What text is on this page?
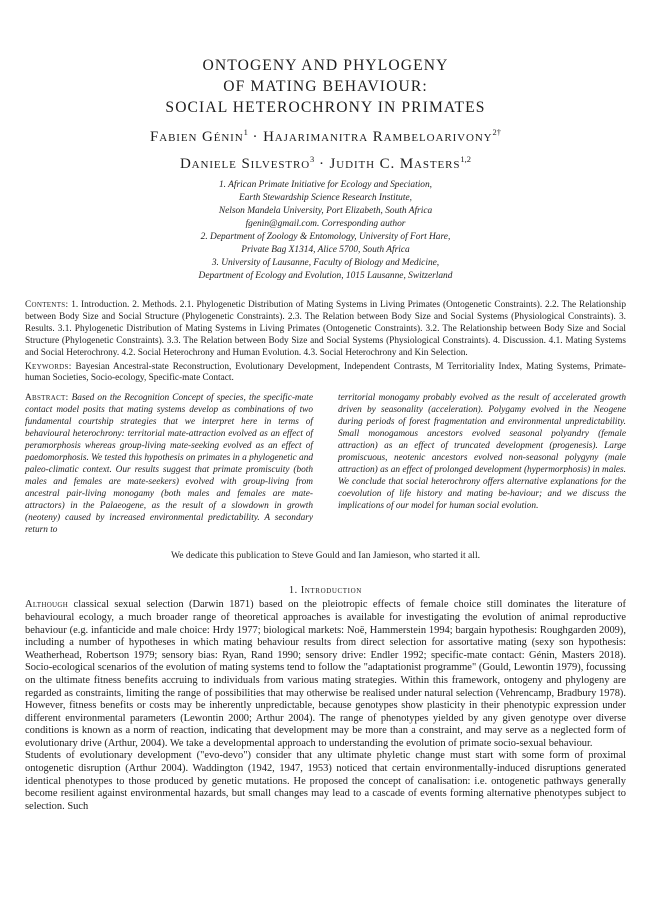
ONTOGENY AND PHYLOGENY
OF MATING BEHAVIOUR:
SOCIAL HETEROCHRONY IN PRIMATES
Fabien Génin$^1$ · Hajarimanitra Rambeloarivony$^{2\dagger}$
Daniele Silvestro$^3$ · Judith C. Masters$^{1,2}$
1. African Primate Initiative for Ecology and Speciation,
Earth Stewardship Science Research Institute,
Nelson Mandela University, Port Elizabeth, South Africa
fgenin@gmail.com. Corresponding author
2. Department of Zoology & Entomology, University of Fort Hare,
Private Bag X1314, Alice 5700, South Africa
3. University of Lausanne, Faculty of Biology and Medicine,
Department of Ecology and Evolution, 1015 Lausanne, Switzerland
Contents: 1. Introduction. 2. Methods. 2.1. Phylogenetic Distribution of Mating Systems in Living Primates (Ontogenetic Constraints). 2.2. The Relationship between Body Size and Social Structure (Phylogenetic Constraints). 2.3. The Relation between Body Size and Social Systems (Physiological Constraints). 3. Results. 3.1. Phylogenetic Distribution of Mating Systems in Living Primates (Ontogenetic Constraints). 3.2. The Relationship between Body Size and Social Structure (Phylogenetic Constraints). 3.3. The Relation between Body Size and Social Systems (Physiological Constraints). 4. Discussion. 4.1. Mating Systems and Social Heterochrony. 4.2. Social Heterochrony and Human Evolution. 4.3. Social Heterochrony and Kin Selection.
Keywords: Bayesian Ancestral-state Reconstruction, Evolutionary Development, Independent Contrasts, M Territoriality Index, Mating Systems, Primate-human Societies, Socio-ecology, Specific-mate Contact.
Abstract: Based on the Recognition Concept of species, the specific-mate contact model posits that mating systems develop as combinations of two fundamental courtship strategies that we interpret here in terms of behavioural heterochrony: territorial mate-attraction evolved as an effect of peramorphosis whereas group-living mate-seeking evolved as an effect of paedomorphosis. We tested this hypothesis on primates in a phylogenetic and paleo-climatic context. Our results suggest that primate promiscuity (both males and females are mate-seekers) evolved with group-living from ancestral pair-living monogamy (both males and females are mate-attractors) in the Palaeogene, as the result of a slowdown in growth (neoteny) caused by increased environmental predictability. A secondary return to
territorial monogamy probably evolved as the result of accelerated growth driven by seasonality (acceleration). Polygamy evolved in the Neogene during periods of forest fragmentation and environmental unpredictability. Small monogamous ancestors evolved seasonal polyandry (female attraction) as an effect of truncated development (progenesis). Large promiscuous, neotenic ancestors evolved non-seasonal polygyny (male attraction) as an effect of prolonged development (hypermorphosis) in males. We conclude that social heterochrony offers alternative explanations for the coevolution of life history and mating be-haviour; and we discuss the implications of our model for human social evolution.
We dedicate this publication to Steve Gould and Ian Jamieson, who started it all.
1. Introduction

Although classical sexual selection (Darwin 1871) based on the pleiotropic effects of female choice still dominates the literature of behavioural ecology, a much broader range of theoretical approaches is available for investigating the evolution of animal reproductive behaviour (e.g. infanticide and male choice: Hrdy 1977; biological markets: Noë, Hammerstein 1994; bargain hypothesis: Roughgarden 2009), including a number of hypotheses in which mating behaviour results from direct selection for assortative mating (sexy son hypothesis: Weatherhead, Robertson 1979; sensory bias: Ryan, Rand 1990; sensory drive: Endler 1992; specific-mate contact: Génin, Masters 2018). Socio-ecological scenarios of the evolution of mating systems tend to follow the "adaptationist programme" (Gould, Lewontin 1979), focussing on the ultimate fitness benefits accruing to individuals from various mating strategies. Within this framework, ontogeny and phylogeny are regarded as constraints, limiting the range of possibilities that may otherwise be realised under natural selection (Vehrencamp, Bradbury 1978). However, fitness benefits or costs may be inherently unpredictable, because genotypes show plasticity in their phenotypic expression under different environmental parameters (Lewontin 2000; Arthur 2004). The range of phenotypes yielded by any given genotype over diverse conditions is known as a norm of reaction, indicating that development may be more than a constraint, and may serve as a neglected form of evolutionary drive (Arthur, 2004). We take a developmental approach to understanding the evolution of primate socio-sexual behaviour.

Students of evolutionary development ("evo-devo") consider that any ultimate phyletic change must start with some form of proximal ontogenetic disruption (Arthur 2004). Waddington (1942, 1947, 1953) noticed that certain environmentally-induced disruptions generated identical phenotypes to those produced by genetic mutations. He proposed the concept of canalisation: i.e. ontogenetic pathways generally become resilient against environmental hazards, but small changes may lead to a cascade of events forming alternative phenotypes subject to selection. Such
